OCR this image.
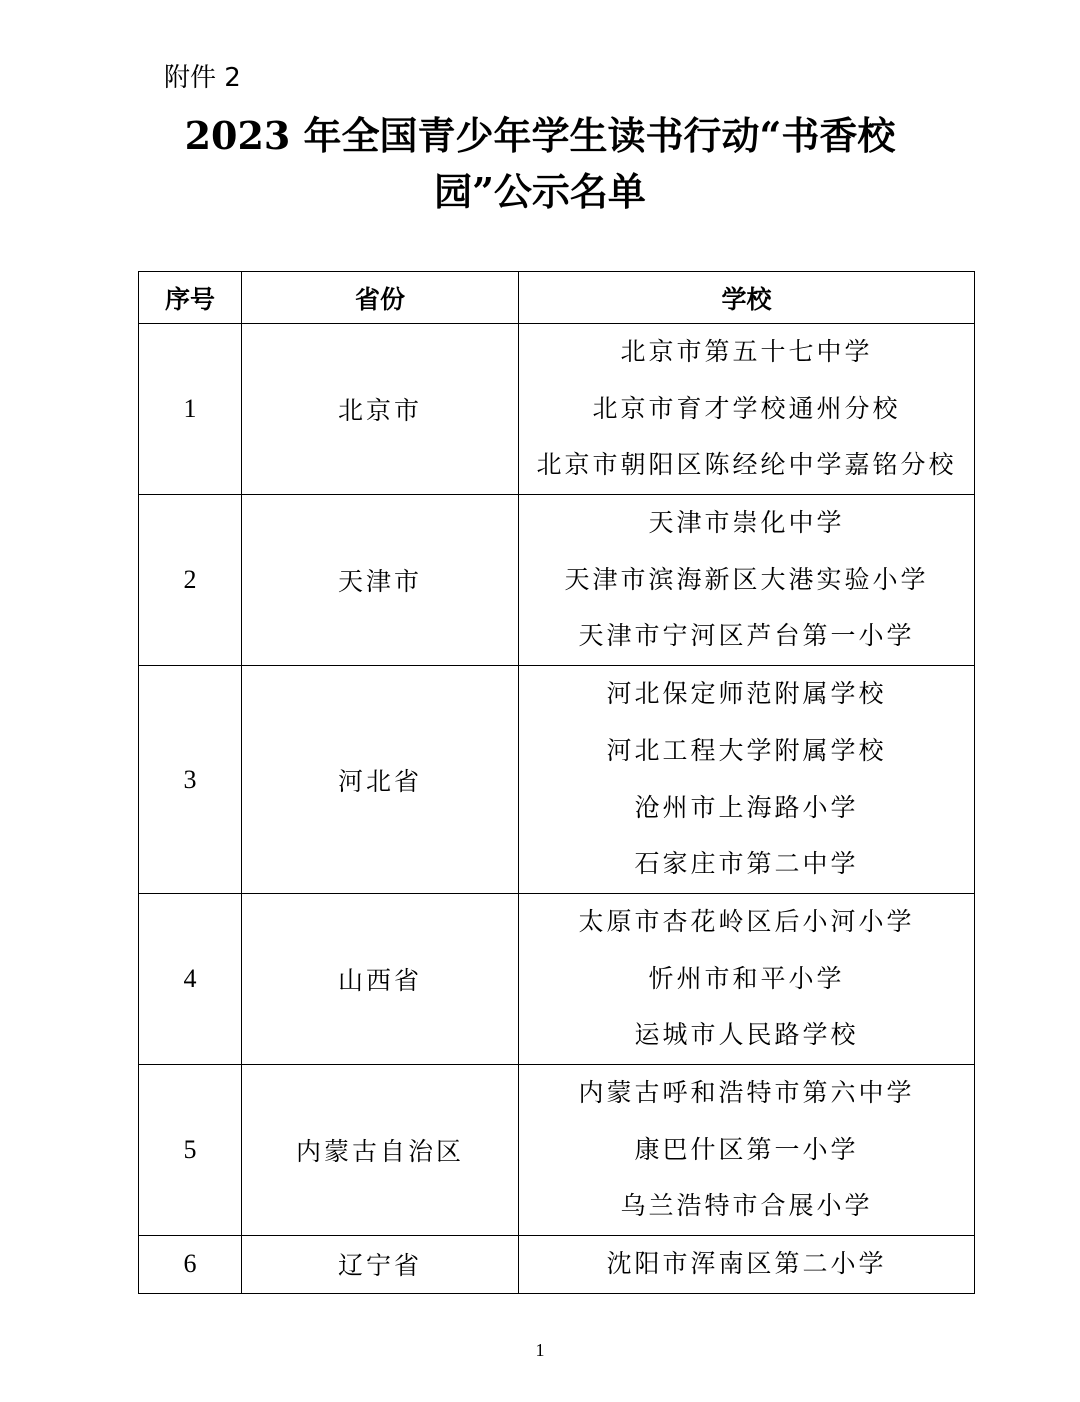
附件 2
2023 年全国青少年学生读书行动“书香校
园”公示名单
序号	省份	学校
1	北京市	北京市第五十七中学
北京市育才学校通州分校
北京市朝阳区陈经纶中学嘉铭分校

2	天津市	天津市崇化中学
天津市滨海新区大港实验小学
天津市宁河区芦台第一小学

3	河北省	河北保定师范附属学校
河北工程大学附属学校
沧州市上海路小学
石家庄市第二中学

4	山西省	太原市杏花岭区后小河小学
忻州市和平小学
运城市人民路学校

5	内蒙古自治区	内蒙古呼和浩特市第六中学
康巴什区第一小学
乌兰浩特市合展小学

6	辽宁省	沈阳市浑南区第二小学
1
